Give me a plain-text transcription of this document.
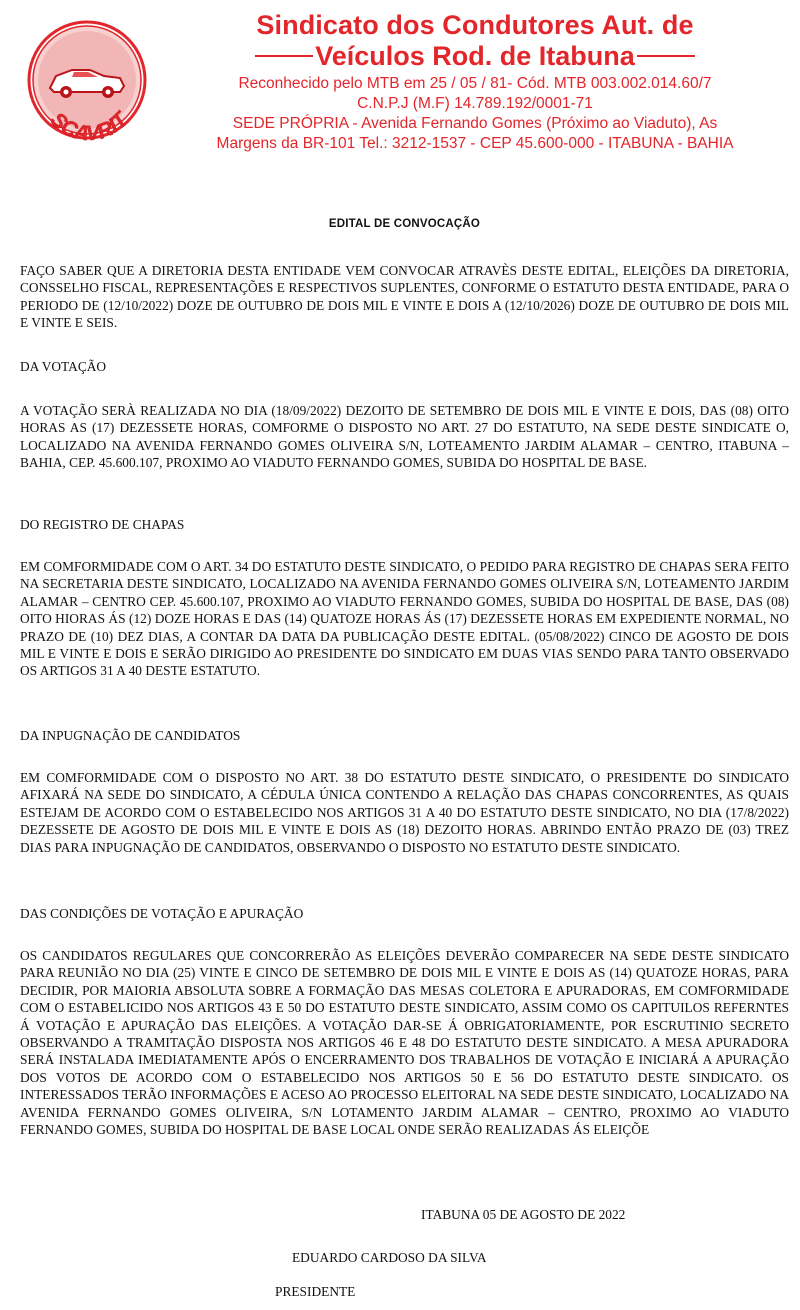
SCAVRIT
Sindicato dos Condutores Aut. de
Veículos Rod. de Itabuna
Reconhecido pelo MTB em 25 / 05 / 81- Cód. MTB 003.002.014.60/7
C.N.P.J (M.F) 14.789.192/0001-71
SEDE PRÓPRIA - Avenida Fernando Gomes (Próximo ao Viaduto), As
Margens da BR-101 Tel.: 3212-1537 - CEP 45.600-000 - ITABUNA - BAHIA
EDITAL DE CONVOCAÇÃO
FAÇO SABER QUE A DIRETORIA DESTA ENTIDADE VEM CONVOCAR ATRAVÈS DESTE EDITAL, ELEIÇÕES DA DIRETORIA, CONSSELHO FISCAL, REPRESENTAÇÕES E RESPECTIVOS SUPLENTES, CONFORME O ESTATUTO DESTA ENTIDADE, PARA O PERIODO DE (12/10/2022) DOZE DE OUTUBRO DE DOIS MIL E VINTE E DOIS A (12/10/2026) DOZE DE OUTUBRO DE DOIS MIL E VINTE E SEIS.
DA VOTAÇÃO
A VOTAÇÃO SERÀ REALIZADA NO DIA (18/09/2022) DEZOITO DE SETEMBRO DE DOIS MIL E VINTE E DOIS, DAS (08) OITO HORAS AS (17) DEZESSETE HORAS, COMFORME O DISPOSTO NO ART. 27 DO ESTATUTO, NA SEDE DESTE SINDICATE O, LOCALIZADO NA AVENIDA FERNANDO GOMES OLIVEIRA S/N, LOTEAMENTO JARDIM ALAMAR – CENTRO, ITABUNA – BAHIA, CEP. 45.600.107, PROXIMO AO VIADUTO FERNANDO GOMES, SUBIDA DO HOSPITAL DE BASE.
DO REGISTRO DE CHAPAS
EM COMFORMIDADE COM O ART. 34 DO ESTATUTO DESTE SINDICATO, O PEDIDO PARA REGISTRO DE CHAPAS SERA FEITO NA SECRETARIA DESTE SINDICATO, LOCALIZADO NA AVENIDA FERNANDO GOMES OLIVEIRA S/N, LOTEAMENTO JARDIM ALAMAR – CENTRO CEP. 45.600.107, PROXIMO AO VIADUTO FERNANDO GOMES, SUBIDA DO HOSPITAL DE BASE, DAS (08) OITO HIORAS ÁS (12) DOZE HORAS E DAS (14) QUATOZE HORAS ÁS (17) DEZESSETE HORAS EM EXPEDIENTE NORMAL, NO PRAZO DE (10) DEZ DIAS, A CONTAR DA DATA DA PUBLICAÇÃO DESTE EDITAL. (05/08/2022) CINCO DE AGOSTO DE DOIS MIL E VINTE E DOIS E SERÃO DIRIGIDO AO PRESIDENTE DO SINDICATO EM DUAS VIAS SENDO PARA TANTO OBSERVADO OS ARTIGOS 31 A 40 DESTE ESTATUTO.
DA INPUGNAÇÃO DE CANDIDATOS
EM COMFORMIDADE COM O DISPOSTO NO ART. 38 DO ESTATUTO DESTE SINDICATO, O PRESIDENTE DO SINDICATO AFIXARÁ NA SEDE DO SINDICATO, A CÉDULA ÚNICA CONTENDO A RELAÇÃO DAS CHAPAS CONCORRENTES, AS QUAIS ESTEJAM DE ACORDO COM O ESTABELECIDO NOS ARTIGOS 31 A 40 DO ESTATUTO DESTE SINDICATO, NO DIA (17/8/2022) DEZESSETE DE AGOSTO DE DOIS MIL E VINTE E DOIS AS (18) DEZOITO HORAS. ABRINDO ENTÃO PRAZO DE (03) TREZ DIAS PARA INPUGNAÇÃO DE CANDIDATOS, OBSERVANDO O DISPOSTO NO ESTATUTO DESTE SINDICATO.
DAS CONDIÇÕES DE VOTAÇÃO E APURAÇÃO
OS CANDIDATOS REGULARES QUE CONCORRERÃO AS ELEIÇÕES DEVERÃO COMPARECER NA SEDE DESTE SINDICATO PARA REUNIÃO NO DIA (25) VINTE E CINCO DE SETEMBRO DE DOIS MIL E VINTE E DOIS AS (14) QUATOZE HORAS, PARA DECIDIR, POR MAIORIA ABSOLUTA SOBRE A FORMAÇÃO DAS MESAS COLETORA E APURADORAS, EM COMFORMIDADE COM O ESTABELICIDO NOS ARTIGOS 43 E 50 DO ESTATUTO DESTE SINDICATO, ASSIM COMO OS CAPITUILOS REFERNTES Á VOTAÇÃO E APURAÇÃO DAS ELEIÇÕES. A VOTAÇÃO DAR-SE Á OBRIGATORIAMENTE, POR ESCRUTINIO SECRETO OBSERVANDO A TRAMITAÇÃO DISPOSTA NOS ARTIGOS 46 E 48 DO ESTATUTO DESTE SINDICATO. A MESA APURADORA SERÁ INSTALADA IMEDIATAMENTE APÓS O ENCERRAMENTO DOS TRABALHOS DE VOTAÇÃO E INICIARÁ A APURAÇÃO DOS VOTOS DE ACORDO COM O ESTABELECIDO NOS ARTIGOS 50 E 56 DO ESTATUTO DESTE SINDICATO. OS INTERESSADOS TERÃO INFORMAÇÕES E ACESO AO PROCESSO ELEITORAL NA SEDE DESTE SINDICATO, LOCALIZADO NA AVENIDA FERNANDO GOMES OLIVEIRA, S/N LOTAMENTO JARDIM ALAMAR – CENTRO, PROXIMO AO VIADUTO FERNANDO GOMES, SUBIDA DO HOSPITAL DE BASE LOCAL ONDE SERÃO REALIZADAS ÁS ELEIÇÕE
ITABUNA 05 DE AGOSTO DE 2022
EDUARDO CARDOSO DA SILVA
PRESIDENTE
